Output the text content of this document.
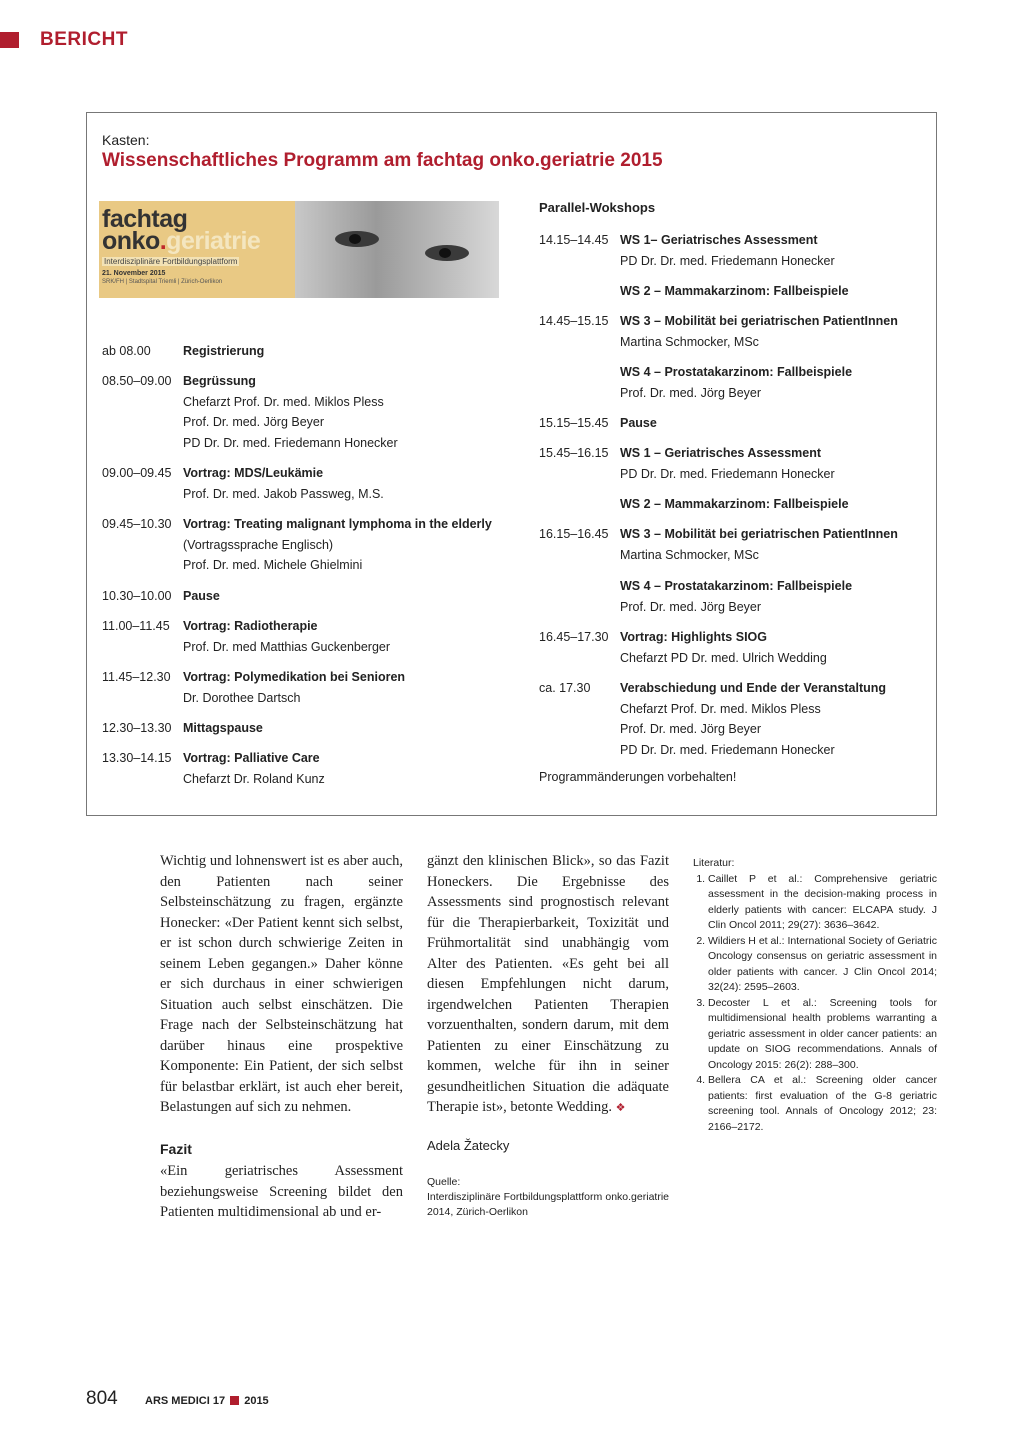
BERICHT
Kasten:
Wissenschaftliches Programm am fachtag onko.geriatrie 2015
fachtag
onko.geriatrie
Interdisziplinäre Fortbildungsplattform
21. November 2015
SRK/FH | Stadtspital Triemli | Zürich-Oerlikon
ab 08.00	Registrierung
08.50–09.00 Begrüssung
Chefarzt Prof. Dr. med. Miklos Pless
Prof. Dr. med. Jörg Beyer
PD Dr. Dr. med. Friedemann Honecker
09.00–09.45 Vortrag: MDS/Leukämie
Prof. Dr. med. Jakob Passweg, M.S.
09.45–10.30 Vortrag: Treating malignant lymphoma in the elderly
(Vortragssprache Englisch)
Prof. Dr. med. Michele Ghielmini
10.30–10.00 Pause
11.00–11.45 Vortrag: Radiotherapie
Prof. Dr. med Matthias Guckenberger
11.45–12.30 Vortrag: Polymedikation bei Senioren
Dr. Dorothee Dartsch
12.30–13.30 Mittagspause
13.30–14.15 Vortrag: Palliative Care
Chefarzt Dr. Roland Kunz
Parallel-Wokshops
14.15–14.45 WS 1– Geriatrisches Assessment
PD Dr. Dr. med. Friedemann Honecker
WS 2 – Mammakarzinom: Fallbeispiele
14.45–15.15 WS 3 – Mobilität bei geriatrischen PatientInnen
Martina Schmocker, MSc
WS 4 – Prostatakarzinom: Fallbeispiele
Prof. Dr. med. Jörg Beyer
15.15–15.45 Pause
15.45–16.15 WS 1 – Geriatrisches Assessment
PD Dr. Dr. med. Friedemann Honecker
WS 2 – Mammakarzinom: Fallbeispiele
16.15–16.45 WS 3 – Mobilität bei geriatrischen PatientInnen
Martina Schmocker, MSc
WS 4 – Prostatakarzinom: Fallbeispiele
Prof. Dr. med. Jörg Beyer
16.45–17.30 Vortrag: Highlights SIOG
Chefarzt PD Dr. med. Ulrich Wedding
ca. 17.30 Verabschiedung und Ende der Veranstaltung
Chefarzt Prof. Dr. med. Miklos Pless
Prof. Dr. med. Jörg Beyer
PD Dr. Dr. med. Friedemann Honecker
Programmänderungen vorbehalten!
Wichtig und lohnenswert ist es aber auch, den Patienten nach seiner Selbsteinschätzung zu fragen, ergänzte Honecker: «Der Patient kennt sich selbst, er ist schon durch schwierige Zeiten in seinem Leben gegangen.» Daher könne er sich durchaus in einer schwierigen Situation auch selbst einschätzen. Die Frage nach der Selbsteinschätzung hat darüber hinaus eine prospektive Komponente: Ein Patient, der sich selbst für belastbar erklärt, ist auch eher bereit, Belastungen auf sich zu nehmen.
Fazit
«Ein geriatrisches Assessment beziehungsweise Screening bildet den Patienten multidimensional ab und er-
gänzt den klinischen Blick», so das Fazit Honeckers. Die Ergebnisse des Assessments sind prognostisch relevant für die Therapierbarkeit, Toxizität und Frühmortalität sind unabhängig vom Alter des Patienten. «Es geht bei all diesen Empfehlungen nicht darum, irgendwelchen Patienten Therapien vorzuenthalten, sondern darum, mit dem Patienten zu einer Einschätzung zu kommen, welche für ihn in seiner gesundheitlichen Situation die adäquate Therapie ist», betonte Wedding. ❖
Adela Žatecky
Quelle:
Interdisziplinäre Fortbildungsplattform onko.geriatrie 2014, Zürich-Oerlikon
Literatur:
1. Caillet P et al.: Comprehensive geriatric assessment in the decision-making process in elderly patients with cancer: ELCAPA study. J Clin Oncol 2011; 29(27): 3636–3642.
2. Wildiers H et al.: International Society of Geriatric Oncology consensus on geriatric assessment in older patients with cancer. J Clin Oncol 2014; 32(24): 2595–2603.
3. Decoster L et al.: Screening tools for multidimensional health problems warranting a geriatric assessment in older cancer patients: an update on SIOG recommendations. Annals of Oncology 2015: 26(2): 288–300.
4. Bellera CA et al.: Screening older cancer patients: first evaluation of the G-8 geriatric screening tool. Annals of Oncology 2012; 23: 2166–2172.
804 ARS MEDICI 17 2015
